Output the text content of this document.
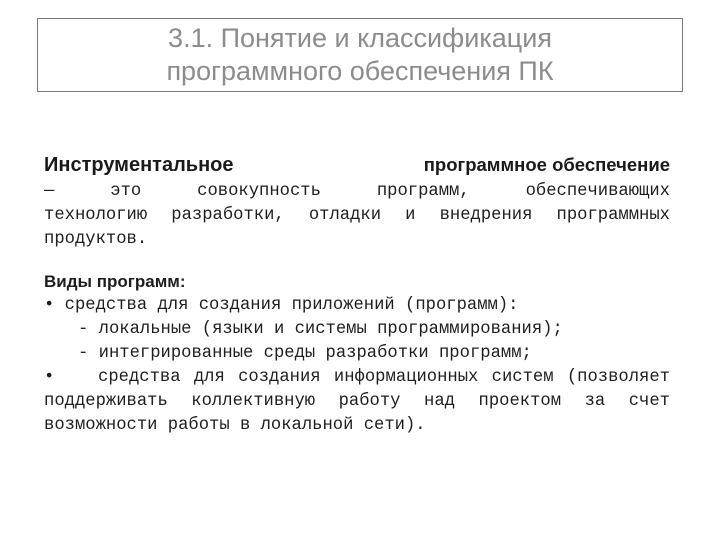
3.1. Понятие и классификация
программного обеспечения ПК
Инструментальное	программное обеспечение
— это совокупность программ, обеспечивающих
технологию разработки, отладки и внедрения программных продуктов.
Виды программ:
• средства для создания приложений (программ):
- локальные (языки и системы программирования);
- интегрированные среды разработки программ;
•	средства для создания информационных систем (позволяет поддерживать коллективную работу над проектом за счет возможности работы в локальной сети).
